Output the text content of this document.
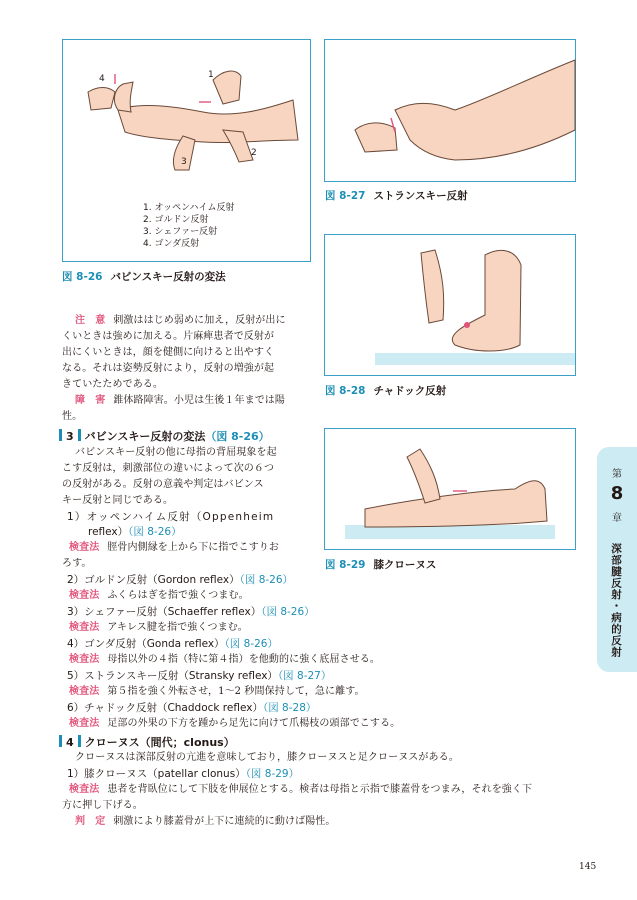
4	1
3
2
1. オッペンハイム反射
2. ゴルドン反射
3. シェファー反射
4. ゴンダ反射
図 8-26 バビンスキー反射の変法
図 8-27 ストランスキー反射
図 8-28 チャドック反射
図 8-29 膝クローヌス
注　意 刺激ははじめ弱めに加え，反射が出に
くいときは強めに加える。片麻痺患者で反射が
出にくいときは，顔を健側に向けると出やすく
なる。それは姿勢反射により，反射の増強が起
きていたためである。
障　害 錐体路障害。小児は生後１年までは陽
性。
3 バビンスキー反射の変法（図 8-26）
バビンスキー反射の他に母指の背屈現象を起
こす反射は，刺激部位の違いによって次の６つ
の反射がある。反射の意義や判定はバビンス
キー反射と同じである。
1）オッペンハイム反射（Oppenheim
reflex）（図 8-26）
検査法 脛骨内側縁を上から下に指でこすりお
ろす。
2）ゴルドン反射（Gordon reflex）（図 8-26）
検査法 ふくらはぎを指で強くつまむ。
3）シェファー反射（Schaeffer reflex）（図 8-26）
検査法 アキレス腱を指で強くつまむ。
4）ゴンダ反射（Gonda reflex）（図 8-26）
検査法 母指以外の４指（特に第４指）を他動的に強く底屈させる。
5）ストランスキー反射（Stransky reflex）（図 8-27）
検査法 第５指を強く外転させ，1～2 秒間保持して，急に離す。
6）チャドック反射（Chaddock reflex）（図 8-28）
検査法 足部の外果の下方を踵から足先に向けて爪楊枝の頭部でこする。
4 クローヌス（間代；clonus）
クローヌスは深部反射の亢進を意味しており，膝クローヌスと足クローヌスがある。
1）膝クローヌス（patellar clonus）（図 8-29）
検査法 患者を背臥位にして下肢を伸展位とする。検者は母指と示指で膝蓋骨をつまみ，それを強く下
方に押し下げる。
判　定 刺激により膝蓋骨が上下に連続的に動けば陽性。
第
8
章
深部腱反射・病的反射
145
